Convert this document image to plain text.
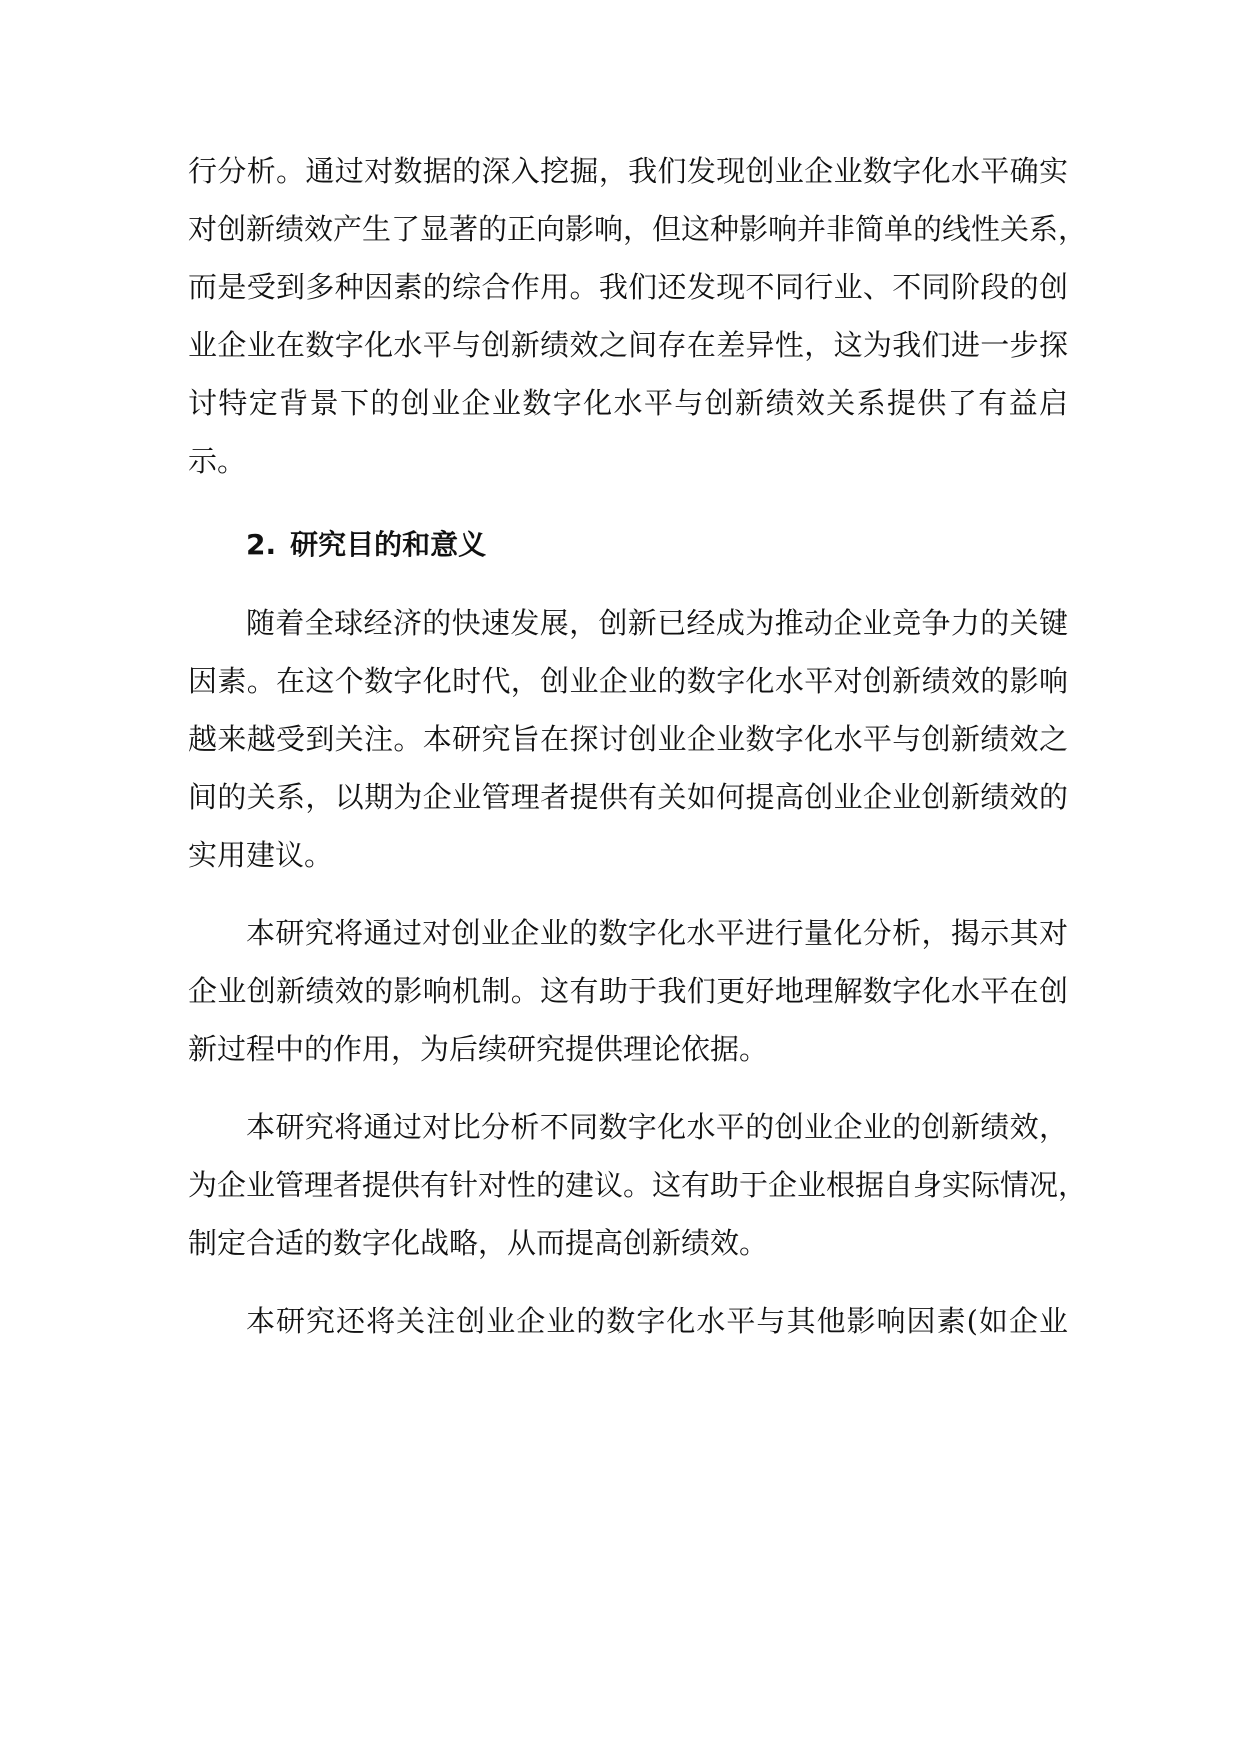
行分析。通过对数据的深入挖掘，我们发现创业企业数字化水平确实
对创新绩效产生了显著的正向影响，但这种影响并非简单的线性关系，
而是受到多种因素的综合作用。我们还发现不同行业、不同阶段的创
业企业在数字化水平与创新绩效之间存在差异性，这为我们进一步探
讨特定背景下的创业企业数字化水平与创新绩效关系提供了有益启
示。
2. 研究目的和意义
随着全球经济的快速发展，创新已经成为推动企业竞争力的关键
因素。在这个数字化时代，创业企业的数字化水平对创新绩效的影响
越来越受到关注。本研究旨在探讨创业企业数字化水平与创新绩效之
间的关系，以期为企业管理者提供有关如何提高创业企业创新绩效的
实用建议。
本研究将通过对创业企业的数字化水平进行量化分析，揭示其对
企业创新绩效的影响机制。这有助于我们更好地理解数字化水平在创
新过程中的作用，为后续研究提供理论依据。
本研究将通过对比分析不同数字化水平的创业企业的创新绩效，
为企业管理者提供有针对性的建议。这有助于企业根据自身实际情况，
制定合适的数字化战略，从而提高创新绩效。
本研究还将关注创业企业的数字化水平与其他影响因素(如企业
